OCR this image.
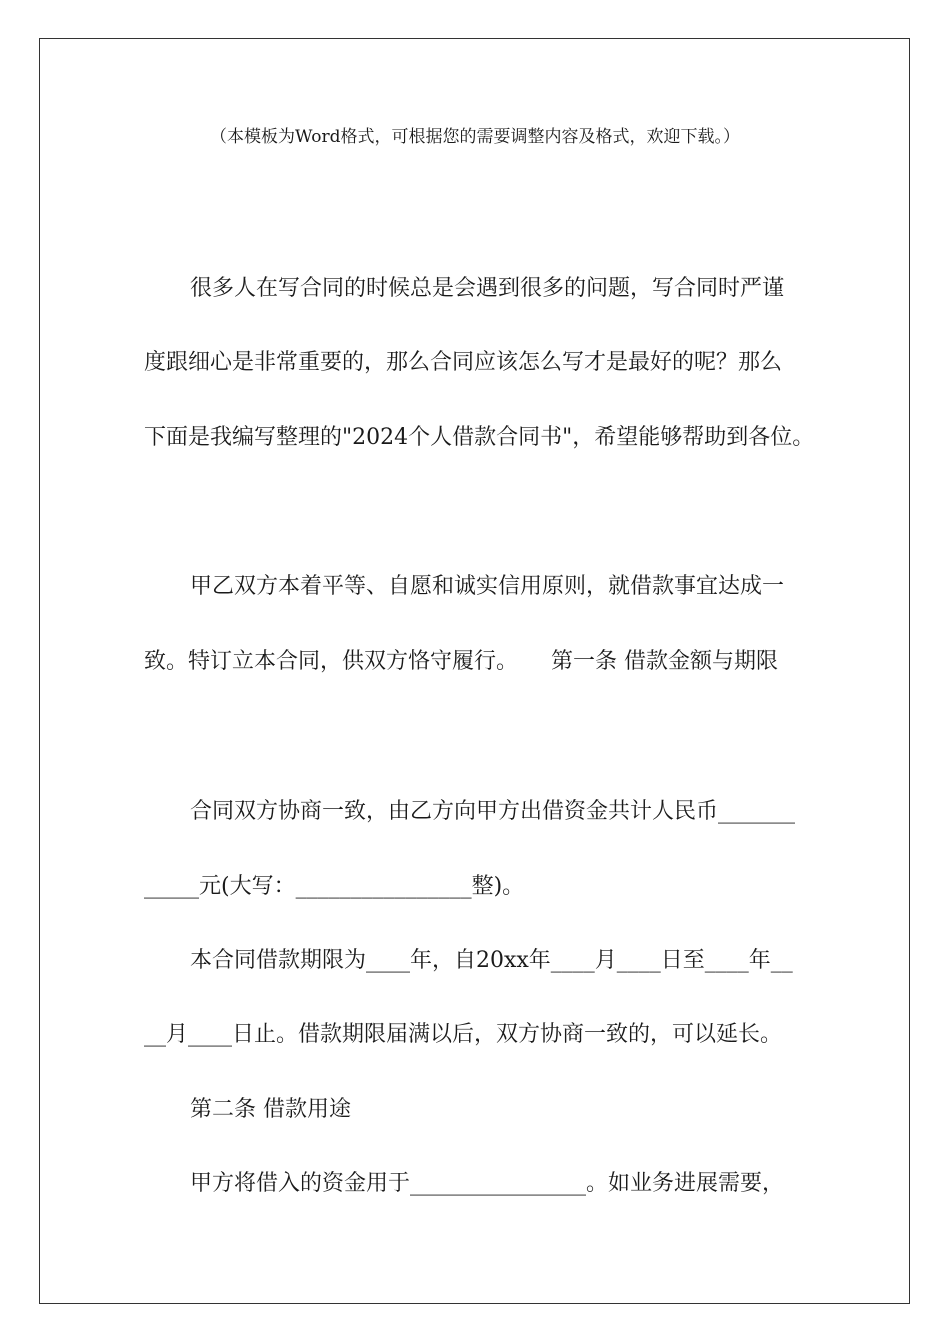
（本模板为Word格式，可根据您的需要调整内容及格式，欢迎下载。）
很多人在写合同的时候总是会遇到很多的问题，写合同时严谨
度跟细心是非常重要的，那么合同应该怎么写才是最好的呢？那么
下面是我编写整理的"2024个人借款合同书"，希望能够帮助到各位。
甲乙双方本着平等、自愿和诚实信用原则，就借款事宜达成一
致。特订立本合同，供双方恪守履行。　　第一条 借款金额与期限
合同双方协商一致，由乙方向甲方出借资金共计人民币_______
_____元(大写：________________整)。
本合同借款期限为____年，自20xx年____月____日至____年__
__月____日止。借款期限届满以后，双方协商一致的，可以延长。
第二条 借款用途
甲方将借入的资金用于________________。如业务进展需要，
